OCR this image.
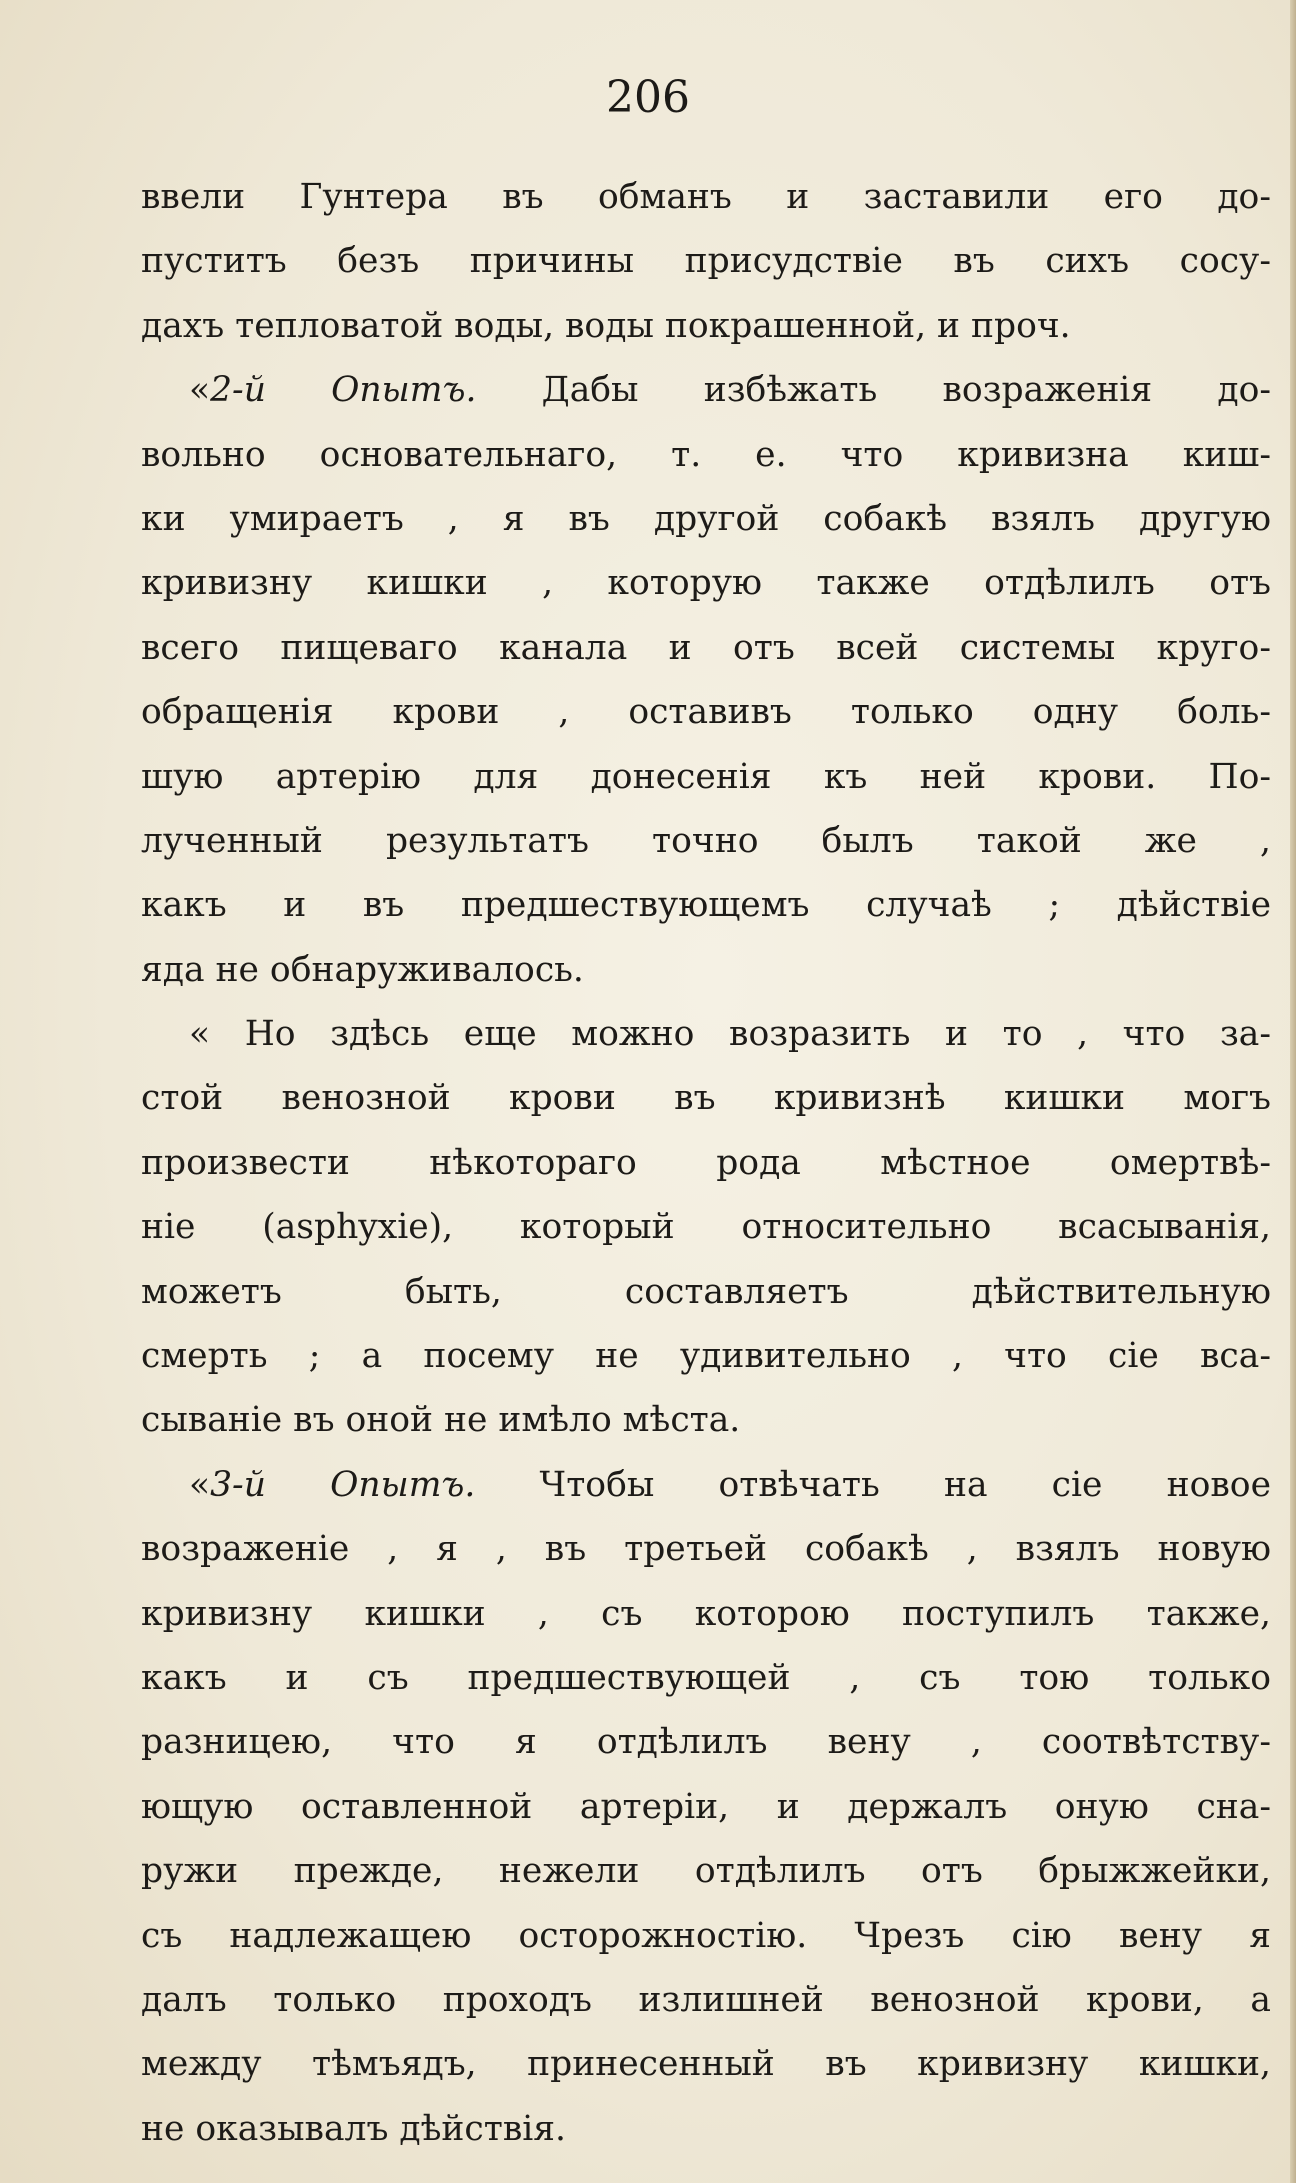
206

ввели Гунтера въ обманъ и заставили его до-
пуститъ безъ причины присудствіе въ сихъ сосу-
дахъ тепловатой воды, воды покрашенной, и проч.
«2-й Опытъ. Дабы избѣжать возраженія до-
вольно основательнаго, т. е. что кривизна киш-
ки умираетъ , я въ другой собакѣ взялъ другую
кривизну кишки , которую также отдѣлилъ отъ
всего пищеваго канала и отъ всей системы круго-
обращенія крови , оставивъ только одну боль-
шую артерію для донесенія къ ней крови. По-
лученный результатъ точно былъ такой же ,
какъ и въ предшествующемъ случаѣ ; дѣйствіе
яда не обнаруживалось.
« Но здѣсь еще можно возразить и то , что за-
стой венозной крови въ кривизнѣ кишки могъ
произвести нѣкотораго рода мѣстное омертвѣ-
ніе (asphyxie), который относительно всасыванія,
можетъ быть, составляетъ дѣйствительную
смерть ; а посему не удивительно , что сіе вса-
сываніе въ оной не имѣло мѣста.
«3-й Опытъ. Чтобы отвѣчать на сіе новое
возраженіе , я , въ третьей собакѣ , взялъ новую
кривизну кишки , съ которою поступилъ также,
какъ и съ предшествующей , съ тою только
разницею, что я отдѣлилъ вену , соотвѣтству-
ющую оставленной артеріи, и держалъ оную сна-
ружи прежде, нежели отдѣлилъ отъ брыжжейки,
съ надлежащею осторожностію. Чрезъ сію вену я
далъ только проходъ излишней венозной крови, а
между тѣмъядъ, принесенный въ кривизну кишки,
не оказывалъ дѣйствія.
